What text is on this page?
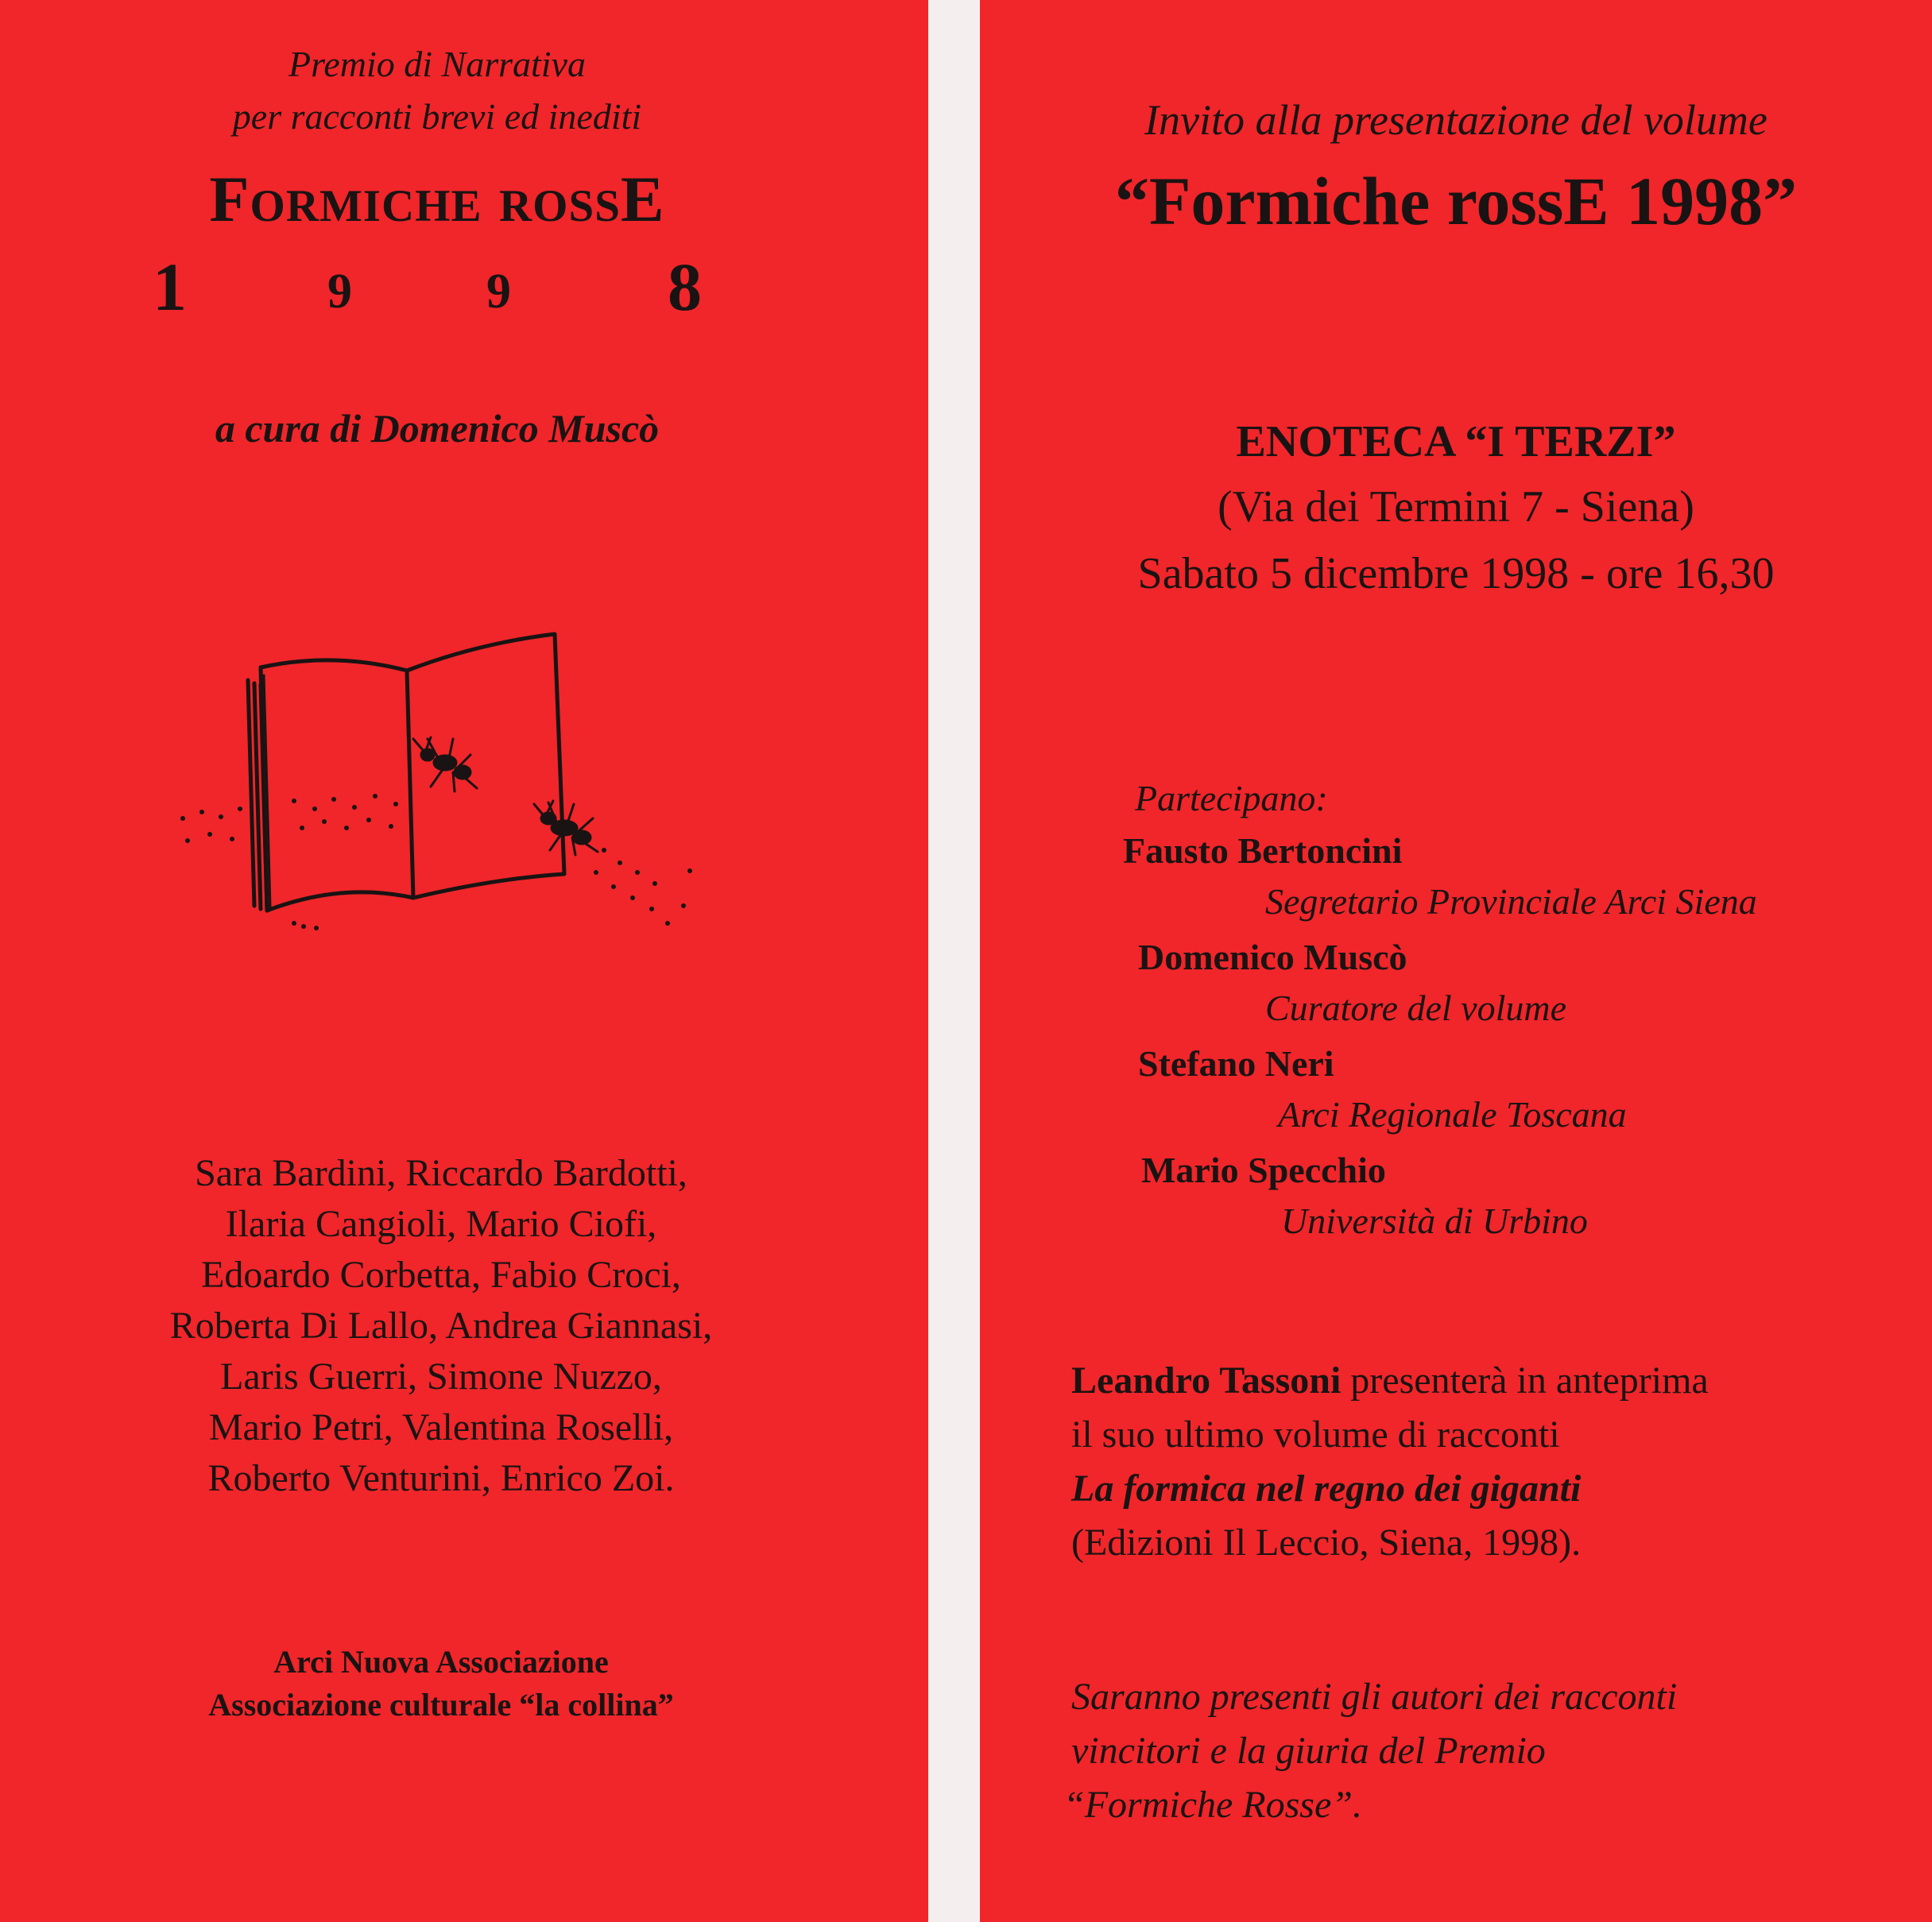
Premio di Narrativa
per racconti brevi ed inediti
Formiche rossE
1	9	9 8
a cura di Domenico Muscò
Sara Bardini, Riccardo Bardotti,
Ilaria Cangioli, Mario Ciofi,
Edoardo Corbetta, Fabio Croci,
Roberta Di Lallo, Andrea Giannasi,
Laris Guerri, Simone Nuzzo,
Mario Petri, Valentina Roselli,
Roberto Venturini, Enrico Zoi.
Arci Nuova Associazione
Associazione culturale “la collina”
Invito alla presentazione del volume
“Formiche rossE 1998”
ENOTECA “I TERZI”
(Via dei Termini 7 - Siena)
Sabato 5 dicembre 1998 - ore 16,30
Partecipano:
Fausto Bertoncini
Segretario Provinciale Arci Siena
Domenico Muscò
Curatore del volume
Stefano Neri
Arci Regionale Toscana
Mario Specchio
Università di Urbino
Leandro Tassoni presenterà in anteprima
il suo ultimo volume di racconti
La formica nel regno dei giganti
(Edizioni Il Leccio, Siena, 1998).
Saranno presenti gli autori dei racconti
vincitori e la giuria del Premio
“Formiche Rosse”.
